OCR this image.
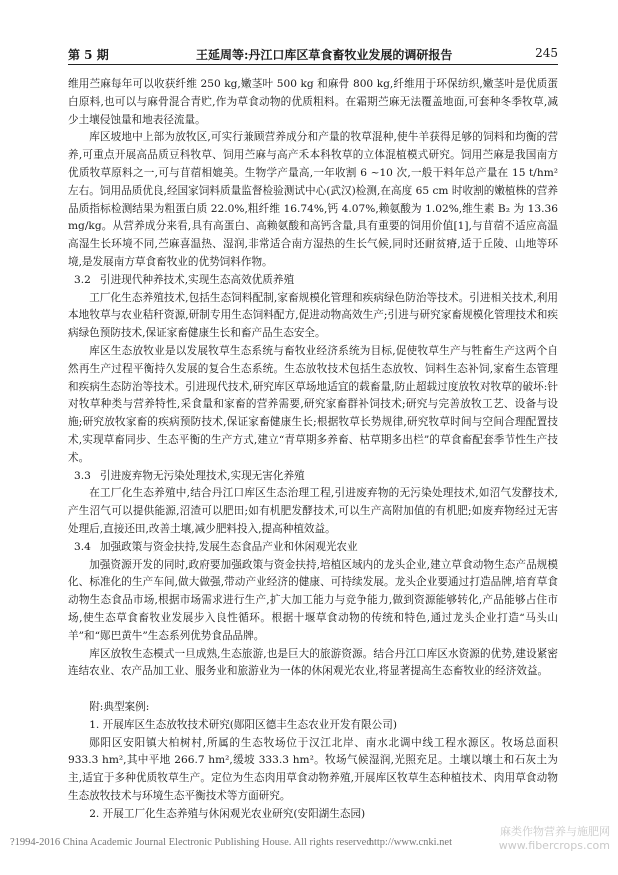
第 5 期	王延周等:丹江口库区草食畜牧业发展的调研报告	245

维用苎麻每年可以收获纤维 250 kg,嫩茎叶 500 kg 和麻骨 800 kg,纤维用于环保纺织,嫩茎叶是优质蛋白原料,也可以与麻骨混合青贮,作为草食动物的优质粗料。在霜期苎麻无法覆盖地面,可套种冬季牧草,减少土壤侵蚀量和地表径流量。

库区坡地中上部为放牧区,可实行兼顾营养成分和产量的牧草混种,使牛羊获得足够的饲料和均衡的营养,可重点开展高品质豆科牧草、饲用苎麻与高产禾本科牧草的立体混植模式研究。饲用苎麻是我国南方优质牧草原料之一,可与苜蓿相媲美。生物学产量高,一年收割 6 ~10 次,一般干料年总产量在 15 t/hm² 左右。饲用品质优良,经国家饲料质量监督检验测试中心(武汉)检测,在高度 65 cm 时收割的嫩植株的营养品质指标检测结果为粗蛋白质 22.0%,粗纤维 16.74%,钙 4.07%,赖氨酸为 1.02%,维生素 B₂ 为 13.36 mg/kg。从营养成分来看,具有高蛋白、高赖氨酸和高钙含量,具有重要的饲用价值[1],与苜蓿不适应高温高湿生长环境不同,苎麻喜温热、湿润,非常适合南方湿热的生长气候,同时还耐贫瘠,适于丘陵、山地等环境,是发展南方草食畜牧业的优势饲料作物。

3.2 引进现代种养技术,实现生态高效优质养殖

工厂化生态养殖技术,包括生态饲料配制,家畜规模化管理和疾病绿色防治等技术。引进相关技术,利用本地牧草与农业秸秆资源,研制专用生态饲料配方,促进动物高效生产;引进与研究家畜规模化管理技术和疾病绿色预防技术,保证家畜健康生长和畜产品生态安全。

库区生态放牧业是以发展牧草生态系统与畜牧业经济系统为目标,促使牧草生产与牲畜生产这两个自然再生产过程平衡持久发展的复合生态系统。生态放牧技术包括生态放牧、饲料生态补饲,家畜生态管理和疾病生态防治等技术。引进现代技术,研究库区草场地适宜的载畜量,防止超载过度放牧对牧草的破坏:针对牧草种类与营养特性,采食量和家畜的营养需要,研究家畜群补饲技术;研究与完善放牧工艺、设备与设施;研究放牧家畜的疾病预防技术,保证家畜健康生长;根据牧草长势规律,研究牧草时间与空间合理配置技术,实现草畜同步、生态平衡的生产方式,建立“青草期多养畜、枯草期多出栏”的草食畜配套季节性生产技术。

3.3 引进废弃物无污染处理技术,实现无害化养殖

在工厂化生态养殖中,结合丹江口库区生态治理工程,引进废弃物的无污染处理技术,如沼气发酵技术,产生沼气可以提供能源,沼渣可以肥田;如有机肥发酵技术,可以生产高附加值的有机肥;如废弃物经过无害处理后,直接还田,改善土壤,减少肥料投入,提高种植效益。

3.4 加强政策与资金扶持,发展生态食品产业和休闲观光农业

加强资源开发的同时,政府要加强政策与资金扶持,培植区域内的龙头企业,建立草食动物生态产品规模化、标准化的生产车间,做大做强,带动产业经济的健康、可持续发展。龙头企业要通过打造品牌,培育草食动物生态食品市场,根据市场需求进行生产,扩大加工能力与竞争能力,做到资源能够转化,产品能够占住市场,使生态草食畜牧业发展步入良性循环。根据十堰草食动物的传统和特色,通过龙头企业打造“马头山羊”和“郧巴黄牛”生态系列优势食品品牌。

库区放牧生态模式一旦成熟,生态旅游,也是巨大的旅游资源。结合丹江口库区水资源的优势,建设紧密连结农业、农产品加工业、服务业和旅游业为一体的休闲观光农业,将显著提高生态畜牧业的经济效益。

附:典型案例:

1. 开展库区生态放牧技术研究(郧阳区德丰生态农业开发有限公司)

郧阳区安阳镇大柏树村,所属的生态牧场位于汉江北岸、南水北调中线工程水源区。牧场总面积 933.3 hm²,其中平地 266.7 hm²,缓坡 333.3 hm²。牧场气候湿润,光照充足。土壤以壤土和石灰土为主,适宜于多种优质牧草生产。定位为生态肉用草食动物养殖,开展库区牧草生态种植技术、肉用草食动物生态放牧技术与环境生态平衡技术等方面研究。

2. 开展工厂化生态养殖与休闲观光农业研究(安阳湖生态园)

?1994-2016 China Academic Journal Electronic Publishing House. All rights reserved.
http://www.cnki.net
麻类作物营养与施肥网
www.fibercrops.com
